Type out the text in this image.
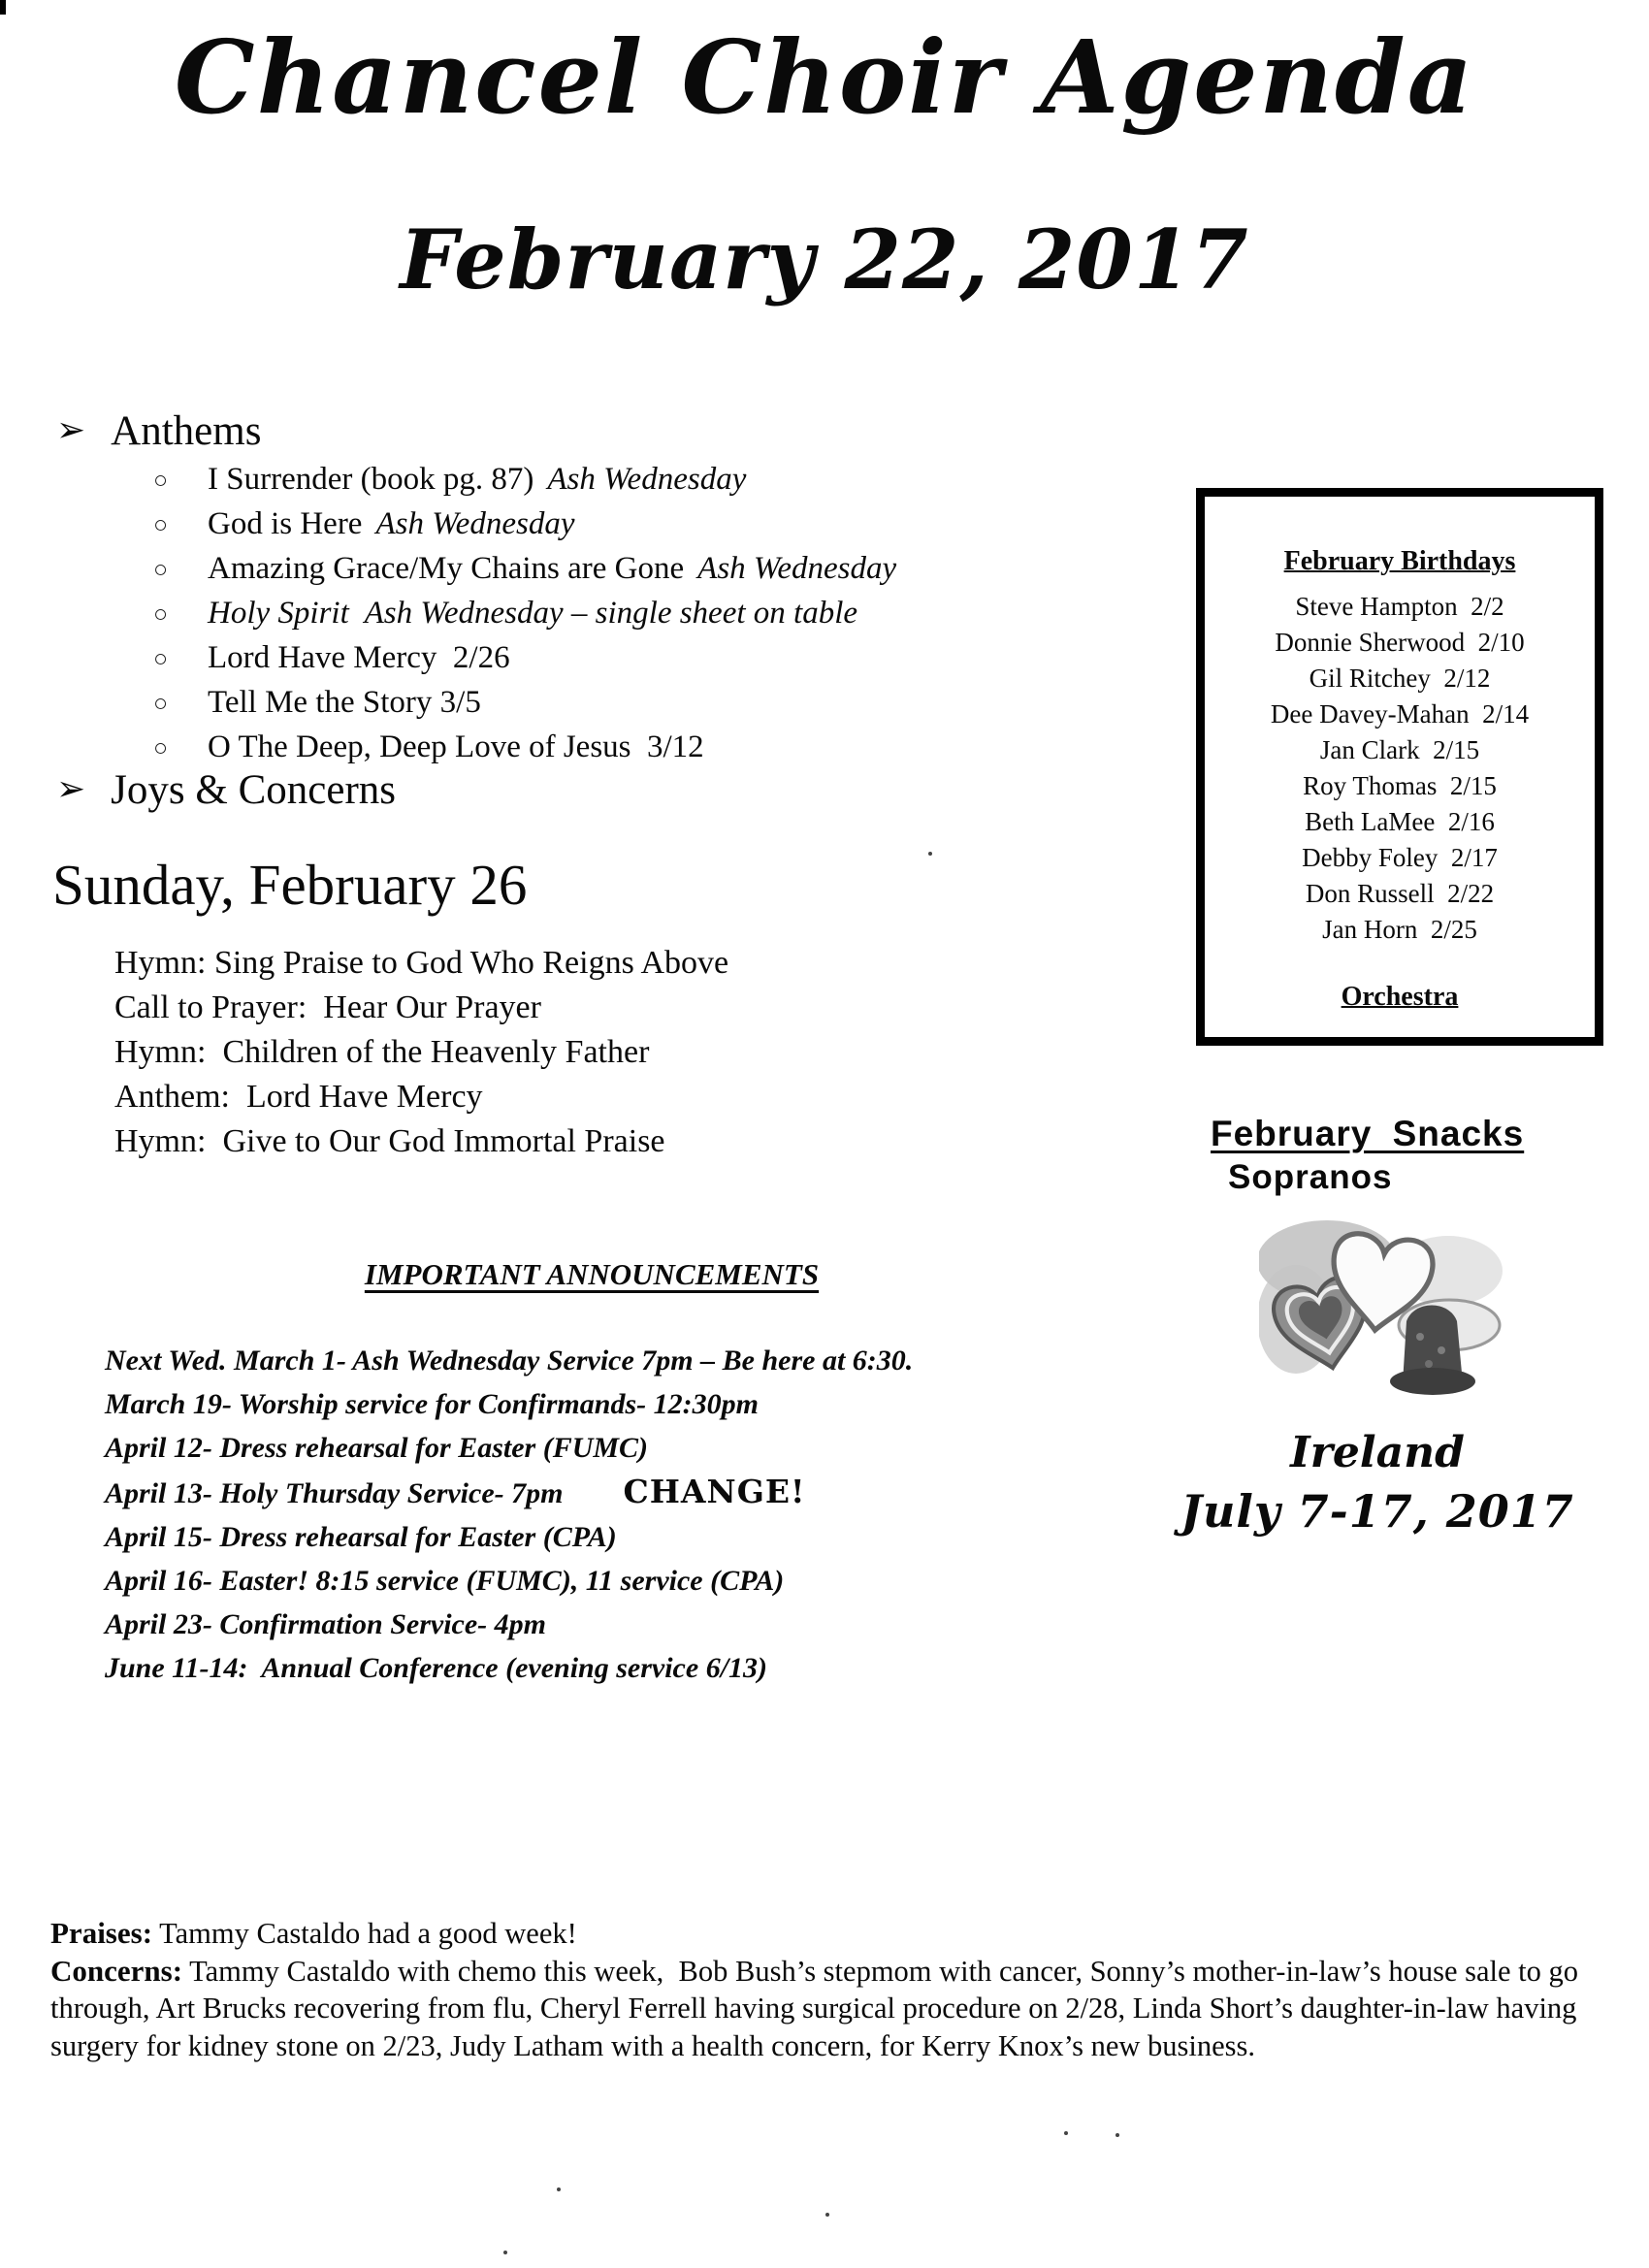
Chancel Choir Agenda
February 22, 2017
➢ Anthems
○ I Surrender (book pg. 87) Ash Wednesday
○ God is Here Ash Wednesday
○ Amazing Grace/My Chains are Gone Ash Wednesday
○ Holy Spirit  Ash Wednesday – single sheet on table
○ Lord Have Mercy  2/26
○ Tell Me the Story 3/5
○ O The Deep, Deep Love of Jesus  3/12
➢ Joys & Concerns
Sunday, February 26
Hymn: Sing Praise to God Who Reigns Above
Call to Prayer:  Hear Our Prayer
Hymn:  Children of the Heavenly Father
Anthem:  Lord Have Mercy
Hymn:  Give to Our God Immortal Praise
IMPORTANT ANNOUNCEMENTS
Next Wed. March 1- Ash Wednesday Service 7pm – Be here at 6:30.
March 19- Worship service for Confirmands- 12:30pm
April 12- Dress rehearsal for Easter (FUMC)
April 13- Holy Thursday Service- 7pm CHANGE!
April 15- Dress rehearsal for Easter (CPA)
April 16- Easter! 8:15 service (FUMC), 11 service (CPA)
April 23- Confirmation Service- 4pm
June 11-14:  Annual Conference (evening service 6/13)
February Birthdays
Steve Hampton  2/2
Donnie Sherwood  2/10
Gil Ritchey  2/12
Dee Davey-Mahan  2/14
Jan Clark  2/15
Roy Thomas  2/15
Beth LaMee  2/16
Debby Foley  2/17
Don Russell  2/22
Jan Horn  2/25
Orchestra
February Snacks
Sopranos
Ireland
July 7-17, 2017
Praises: Tammy Castaldo had a good week!
Concerns: Tammy Castaldo with chemo this week,  Bob Bush’s stepmom with cancer, Sonny’s mother-in-law’s house sale to go through, Art Brucks recovering from flu, Cheryl Ferrell having surgical procedure on 2/28, Linda Short’s daughter-in-law having surgery for kidney stone on 2/23, Judy Latham with a health concern, for Kerry Knox’s new business.
